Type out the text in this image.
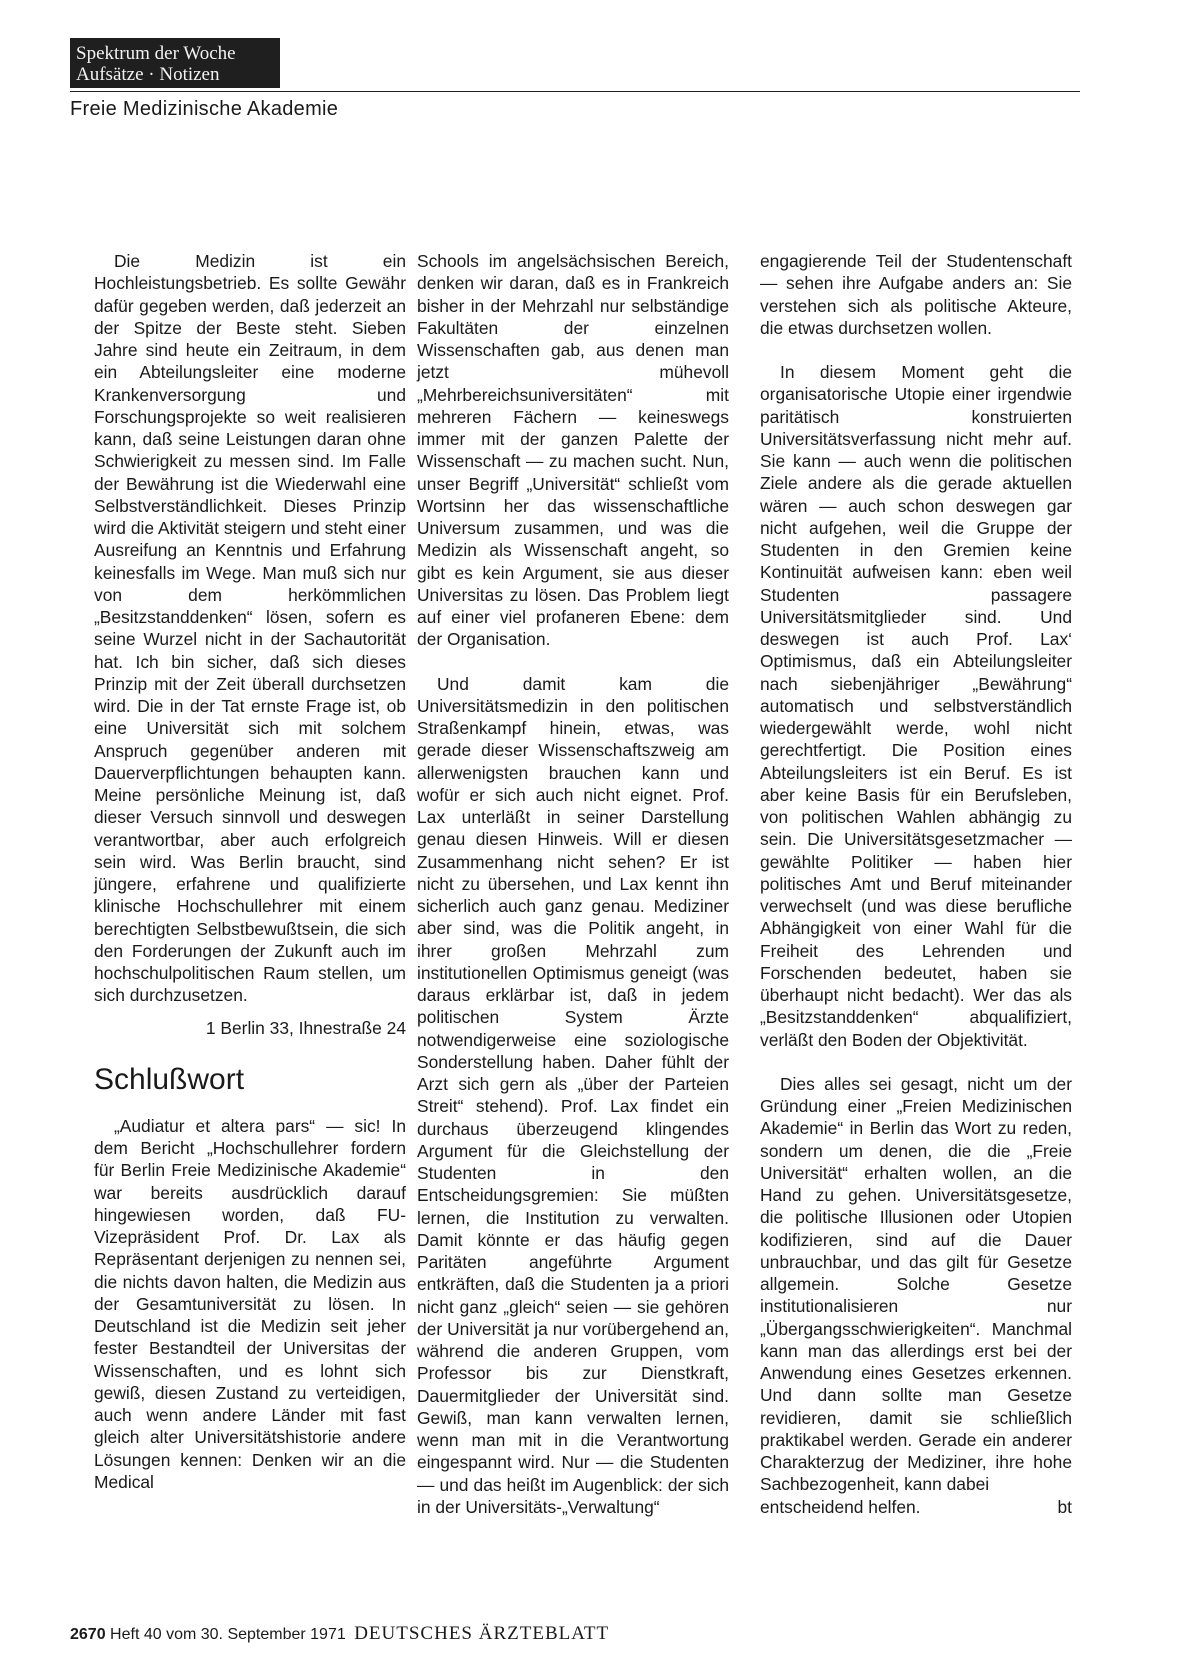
Spektrum der Woche
Aufsätze · Notizen
Freie Medizinische Akademie

Die Medizin ist ein Hochleistungsbetrieb. Es sollte Gewähr dafür gegeben werden, daß jederzeit an der Spitze der Beste steht. Sieben Jahre sind heute ein Zeitraum, in dem ein Abteilungsleiter eine moderne Krankenversorgung und Forschungsprojekte so weit realisieren kann, daß seine Leistungen daran ohne Schwierigkeit zu messen sind. Im Falle der Bewährung ist die Wiederwahl eine Selbstverständlichkeit. Dieses Prinzip wird die Aktivität steigern und steht einer Ausreifung an Kenntnis und Erfahrung keinesfalls im Wege. Man muß sich nur von dem herkömmlichen „Besitzstanddenken“ lösen, sofern es seine Wurzel nicht in der Sachautorität hat. Ich bin sicher, daß sich dieses Prinzip mit der Zeit überall durchsetzen wird. Die in der Tat ernste Frage ist, ob eine Universität sich mit solchem Anspruch gegenüber anderen mit Dauerverpflichtungen behaupten kann. Meine persönliche Meinung ist, daß dieser Versuch sinnvoll und deswegen verantwortbar, aber auch erfolgreich sein wird. Was Berlin braucht, sind jüngere, erfahrene und qualifizierte klinische Hochschullehrer mit einem berechtigten Selbstbewußtsein, die sich den Forderungen der Zukunft auch im hochschulpolitischen Raum stellen, um sich durchzusetzen.

1 Berlin 33, Ihnestraße 24

Schlußwort

„Audiatur et altera pars“ — sic! In dem Bericht „Hochschullehrer fordern für Berlin Freie Medizinische Akademie“ war bereits ausdrücklich darauf hingewiesen worden, daß FU-Vizepräsident Prof. Dr. Lax als Repräsentant derjenigen zu nennen sei, die nichts davon halten, die Medizin aus der Gesamtuniversität zu lösen. In Deutschland ist die Medizin seit jeher fester Bestandteil der Universitas der Wissenschaften, und es lohnt sich gewiß, diesen Zustand zu verteidigen, auch wenn andere Länder mit fast gleich alter Universitätshistorie andere Lösungen kennen: Denken wir an die Medical

Schools im angelsächsischen Bereich, denken wir daran, daß es in Frankreich bisher in der Mehrzahl nur selbständige Fakultäten der einzelnen Wissenschaften gab, aus denen man jetzt mühevoll „Mehrbereichsuniversitäten“ mit mehreren Fächern — keineswegs immer mit der ganzen Palette der Wissenschaft — zu machen sucht. Nun, unser Begriff „Universität“ schließt vom Wortsinn her das wissenschaftliche Universum zusammen, und was die Medizin als Wissenschaft angeht, so gibt es kein Argument, sie aus dieser Universitas zu lösen. Das Problem liegt auf einer viel profaneren Ebene: dem der Organisation.

Und damit kam die Universitätsmedizin in den politischen Straßenkampf hinein, etwas, was gerade dieser Wissenschaftszweig am allerwenigsten brauchen kann und wofür er sich auch nicht eignet. Prof. Lax unterläßt in seiner Darstellung genau diesen Hinweis. Will er diesen Zusammenhang nicht sehen? Er ist nicht zu übersehen, und Lax kennt ihn sicherlich auch ganz genau. Mediziner aber sind, was die Politik angeht, in ihrer großen Mehrzahl zum institutionellen Optimismus geneigt (was daraus erklärbar ist, daß in jedem politischen System Ärzte notwendigerweise eine soziologische Sonderstellung haben. Daher fühlt der Arzt sich gern als „über der Parteien Streit“ stehend). Prof. Lax findet ein durchaus überzeugend klingendes Argument für die Gleichstellung der Studenten in den Entscheidungsgremien: Sie müßten lernen, die Institution zu verwalten. Damit könnte er das häufig gegen Paritäten angeführte Argument entkräften, daß die Studenten ja a priori nicht ganz „gleich“ seien — sie gehören der Universität ja nur vorübergehend an, während die anderen Gruppen, vom Professor bis zur Dienstkraft, Dauermitglieder der Universität sind. Gewiß, man kann verwalten lernen, wenn man mit in die Verantwortung eingespannt wird. Nur — die Studenten — und das heißt im Augenblick: der sich in der Universitäts-„Verwaltung“

engagierende Teil der Studentenschaft — sehen ihre Aufgabe anders an: Sie verstehen sich als politische Akteure, die etwas durchsetzen wollen.

In diesem Moment geht die organisatorische Utopie einer irgendwie paritätisch konstruierten Universitätsverfassung nicht mehr auf. Sie kann — auch wenn die politischen Ziele andere als die gerade aktuellen wären — auch schon deswegen gar nicht aufgehen, weil die Gruppe der Studenten in den Gremien keine Kontinuität aufweisen kann: eben weil Studenten passagere Universitätsmitglieder sind. Und deswegen ist auch Prof. Lax‘ Optimismus, daß ein Abteilungsleiter nach siebenjähriger „Bewährung“ automatisch und selbstverständlich wiedergewählt werde, wohl nicht gerechtfertigt. Die Position eines Abteilungsleiters ist ein Beruf. Es ist aber keine Basis für ein Berufsleben, von politischen Wahlen abhängig zu sein. Die Universitätsgesetzmacher — gewählte Politiker — haben hier politisches Amt und Beruf miteinander verwechselt (und was diese berufliche Abhängigkeit von einer Wahl für die Freiheit des Lehrenden und Forschenden bedeutet, haben sie überhaupt nicht bedacht). Wer das als „Besitzstanddenken“ abqualifiziert, verläßt den Boden der Objektivität.

Dies alles sei gesagt, nicht um der Gründung einer „Freien Medizinischen Akademie“ in Berlin das Wort zu reden, sondern um denen, die die „Freie Universität“ erhalten wollen, an die Hand zu gehen. Universitätsgesetze, die politische Illusionen oder Utopien kodifizieren, sind auf die Dauer unbrauchbar, und das gilt für Gesetze allgemein. Solche Gesetze institutionalisieren nur „Übergangsschwierigkeiten“. Manchmal kann man das allerdings erst bei der Anwendung eines Gesetzes erkennen. Und dann sollte man Gesetze revidieren, damit sie schließlich praktikabel werden. Gerade ein anderer Charakterzug der Mediziner, ihre hohe Sachbezogenheit, kann dabei

entscheidend helfen.	bt
2670 Heft 40 vom 30. September 1971 DEUTSCHES ÄRZTEBLATT
